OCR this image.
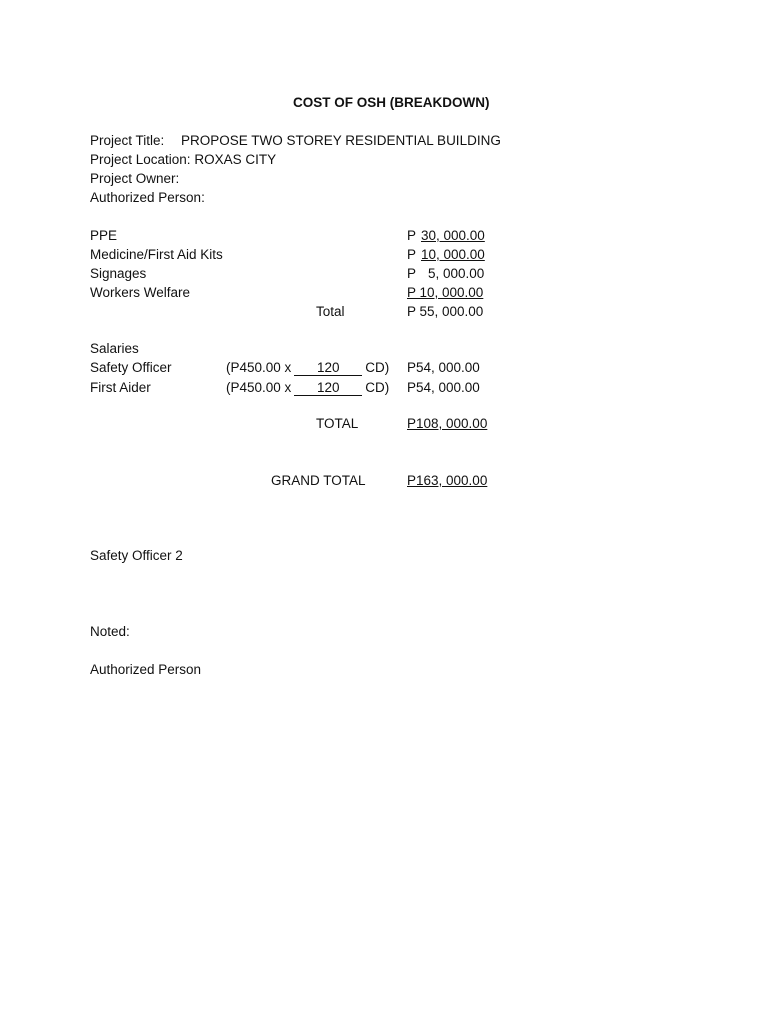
COST OF OSH (BREAKDOWN)
Project Title: PROPOSE TWO STOREY RESIDENTIAL BUILDING
Project Location: ROXAS CITY
Project Owner:
Authorized Person:
PPE	P 30, 000.00
Medicine/First Aid Kits	P 10, 000.00
Signages	P 5, 000.00
Workers Welfare	P 10, 000.00
Total	P 55, 000.00
Salaries
Safety Officer	(P450.00 x 120 CD) P54, 000.00
First Aider	(P450.00 x 120 CD) P54, 000.00
TOTAL	P108, 000.00
GRAND TOTAL	P163, 000.00
Safety Officer 2
Noted:
Authorized Person
